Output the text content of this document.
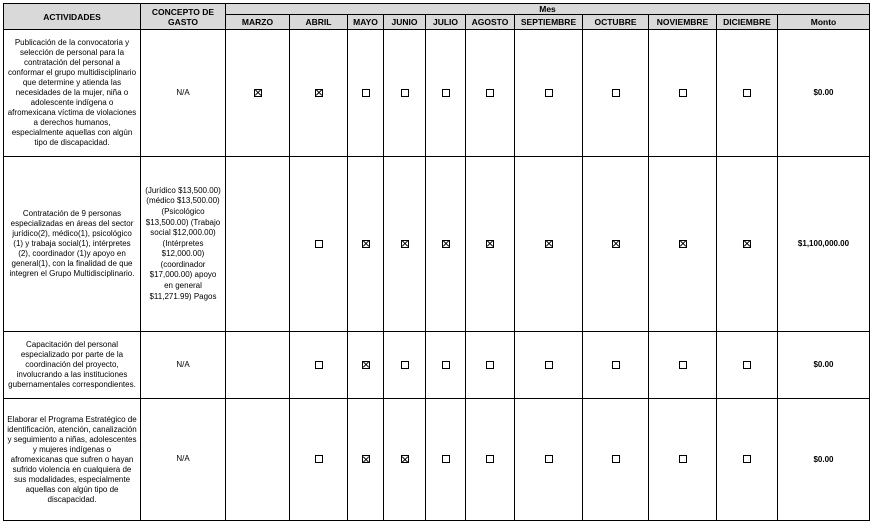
ACTIVIDADES	CONCEPTO DE GASTO	Mes										
		MARZO	ABRIL	MAYO	JUNIO	JULIO	AGOSTO	SEPTIEMBRE	OCTUBRE	NOVIEMBRE	DICIEMBRE	Monto
Publicación de la convocatoria y selección de personal para la contratación del personal a conformar el grupo multidisciplinario que determine y atienda las necesidades de la mujer, niña o adolescente indígena o afromexicana víctima de violaciones a derechos humanos, especialmente aquellas con algún tipo de discapacidad.	N/A											$0.00
Contratación de 9 personas especializadas en áreas del sector jurídico(2), médico(1), psicológico (1) y trabaja social(1), intérpretes (2), coordinador (1)y apoyo en general(1), con la finalidad de que integren el Grupo Multidisciplinario.	(Jurídico $13,500.00) (médico $13,500.00) (Psicológico $13,500.00) (Trabajo social $12,000.00) (Intérpretes $12,000.00) (coordinador $17,000.00) apoyo en general $11,271.99) Pagos											$1,100,000.00
Capacitación del personal especializado por parte de la coordinación del proyecto, involucrando a las instituciones gubernamentales correspondientes.	N/A											$0.00
Elaborar el Programa Estratégico de identificación, atención, canalización y seguimiento a niñas, adolescentes y mujeres indígenas o afromexicanas que sufren o hayan sufrido violencia en cualquiera de sus modalidades, especialmente aquellas con algún tipo de discapacidad.	N/A											$0.00
